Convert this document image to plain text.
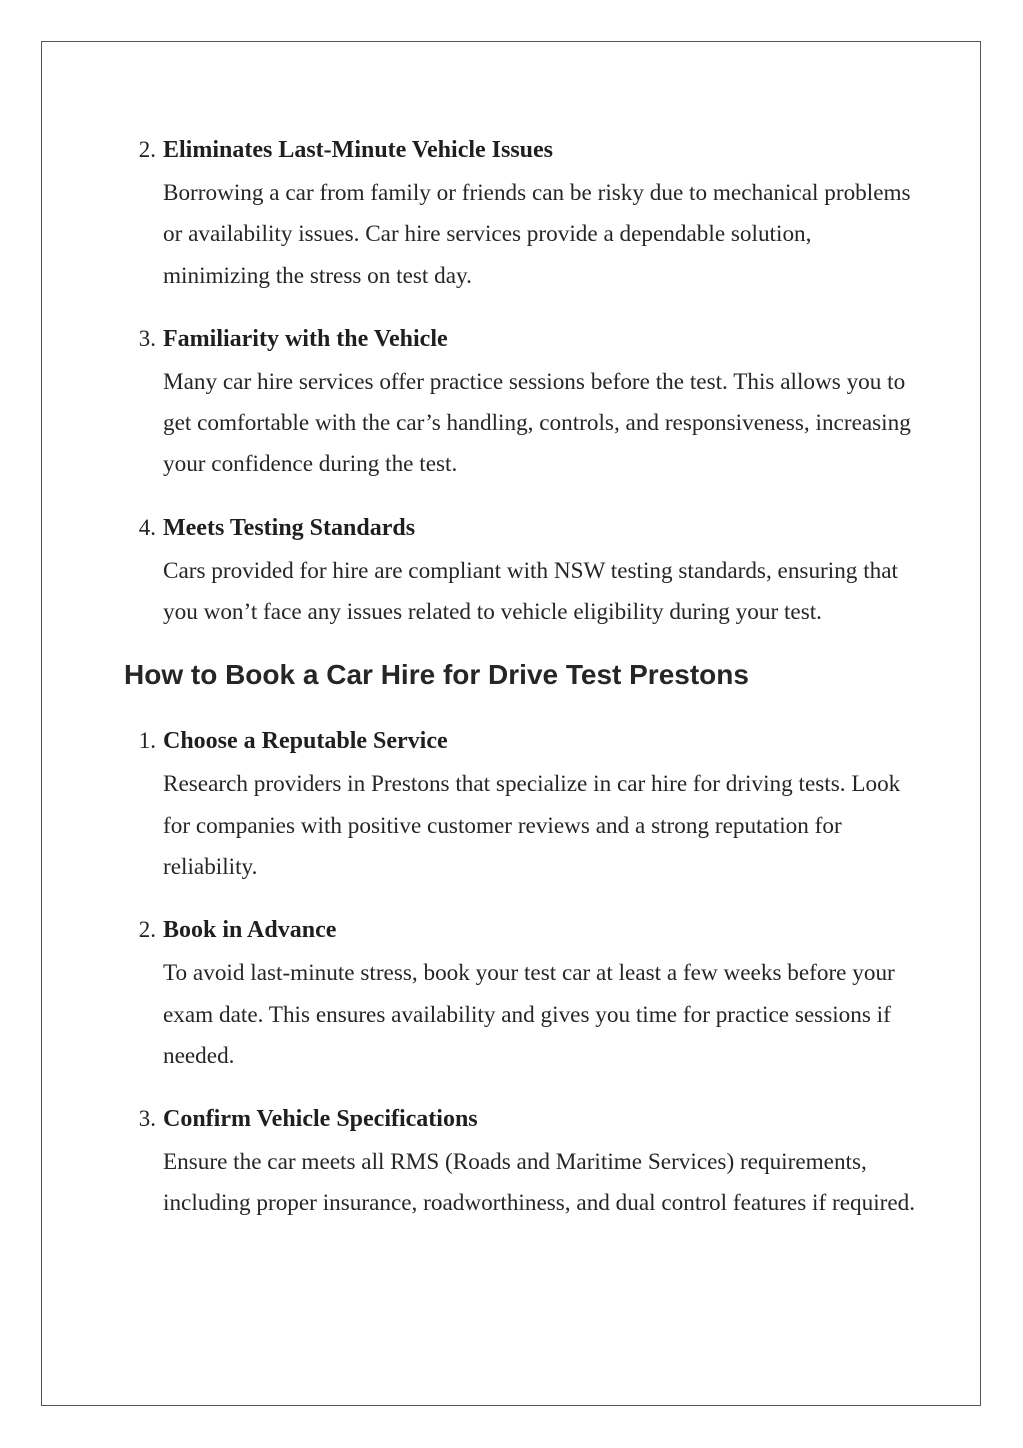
2. Eliminates Last-Minute Vehicle Issues

Borrowing a car from family or friends can be risky due to mechanical problems or availability issues. Car hire services provide a dependable solution, minimizing the stress on test day.

3. Familiarity with the Vehicle

Many car hire services offer practice sessions before the test. This allows you to get comfortable with the car’s handling, controls, and responsiveness, increasing your confidence during the test.

4. Meets Testing Standards

Cars provided for hire are compliant with NSW testing standards, ensuring that you won’t face any issues related to vehicle eligibility during your test.

How to Book a Car Hire for Drive Test Prestons
1. Choose a Reputable Service

Research providers in Prestons that specialize in car hire for driving tests. Look for companies with positive customer reviews and a strong reputation for reliability.

2. Book in Advance

To avoid last-minute stress, book your test car at least a few weeks before your exam date. This ensures availability and gives you time for practice sessions if needed.

3. Confirm Vehicle Specifications

Ensure the car meets all RMS (Roads and Maritime Services) requirements, including proper insurance, roadworthiness, and dual control features if required.
